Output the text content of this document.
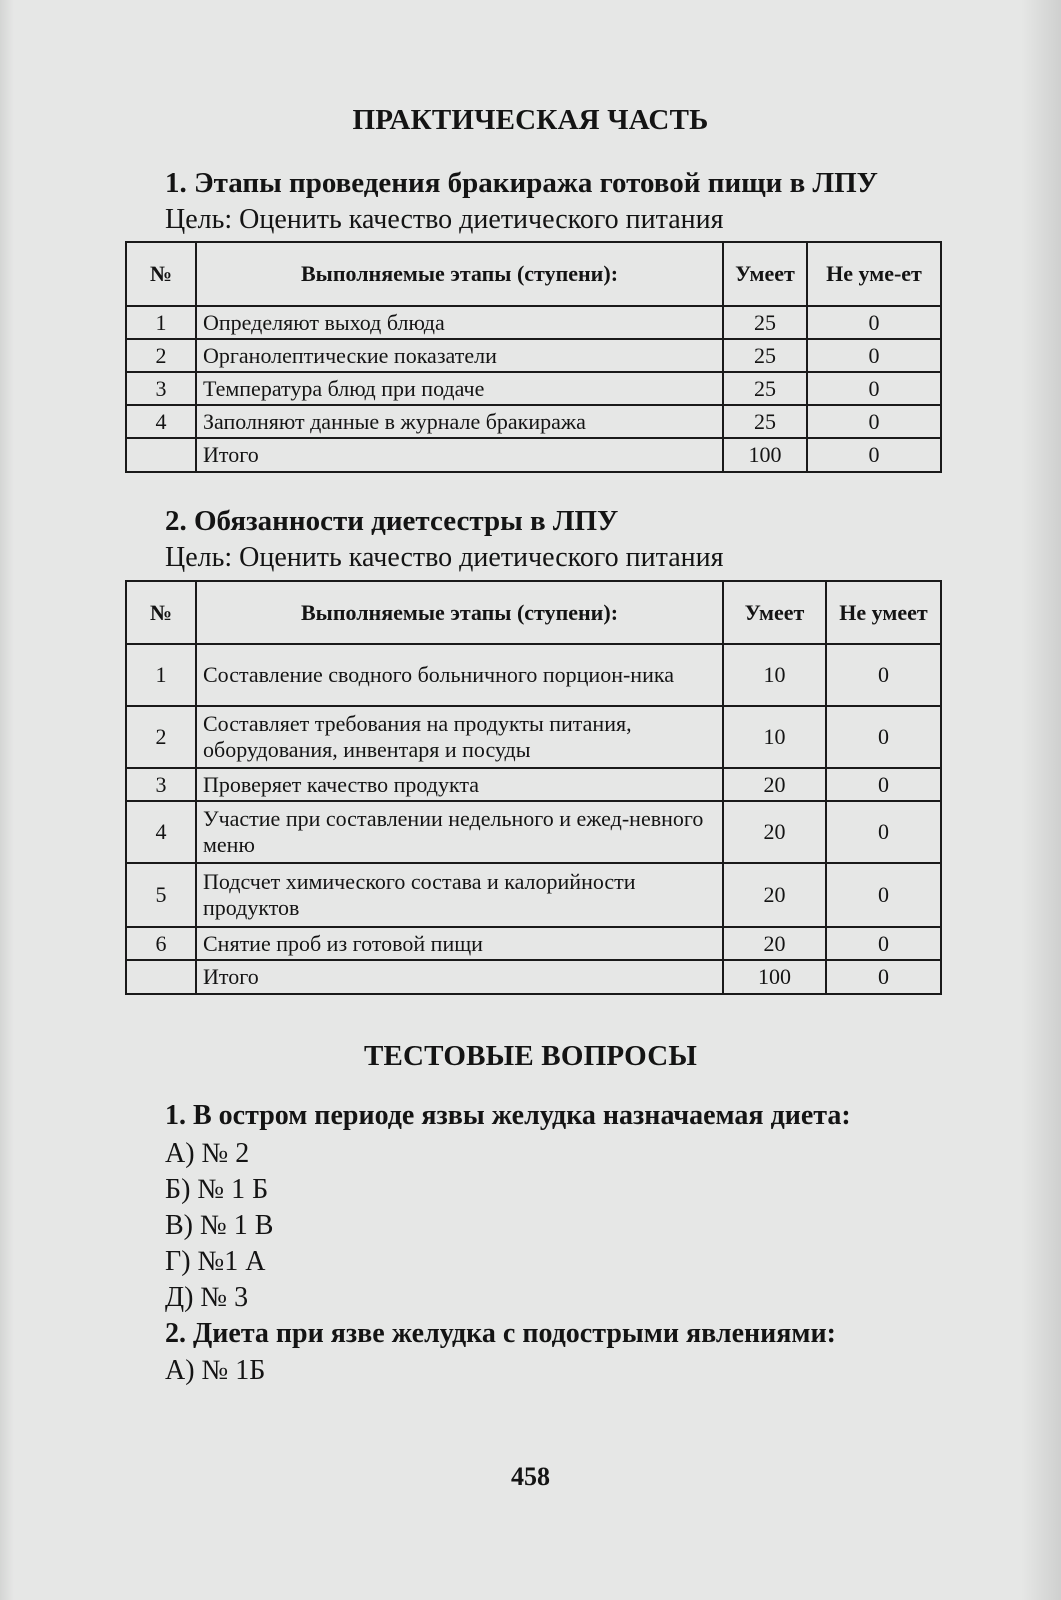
ПРАКТИЧЕСКАЯ ЧАСТЬ
1. Этапы проведения бракиража готовой пищи в ЛПУ
Цель: Оценить качество диетического питания
№	Выполняемые этапы (ступени):	Умеет	Не уме-ет
1	Определяют выход блюда	25	0
2	Органолептические показатели	25	0
3	Температура блюд при подаче	25	0
4	Заполняют данные в журнале бракиража	25	0
	Итого	100	0
2. Обязанности диетсестры в ЛПУ
Цель: Оценить качество диетического питания
№	Выполняемые этапы (ступени):	Умеет	Не умеет
1	Составление сводного больничного порцион-ника	10	0
2	Составляет требования на продукты питания, оборудования, инвентаря и посуды	10	0
3	Проверяет качество продукта	20	0
4	Участие при составлении недельного и ежед-невного меню	20	0
5	Подсчет химического состава и калорийности продуктов	20	0
6	Снятие проб из готовой пищи	20	0
	Итого	100	0
ТЕСТОВЫЕ ВОПРОСЫ
1. В остром периоде язвы желудка назначаемая диета:
А) № 2
Б) № 1 Б
В) № 1 В
Г) №1 А
Д) № 3
2. Диета при язве желудка с подострыми явлениями:
А) № 1Б
458
